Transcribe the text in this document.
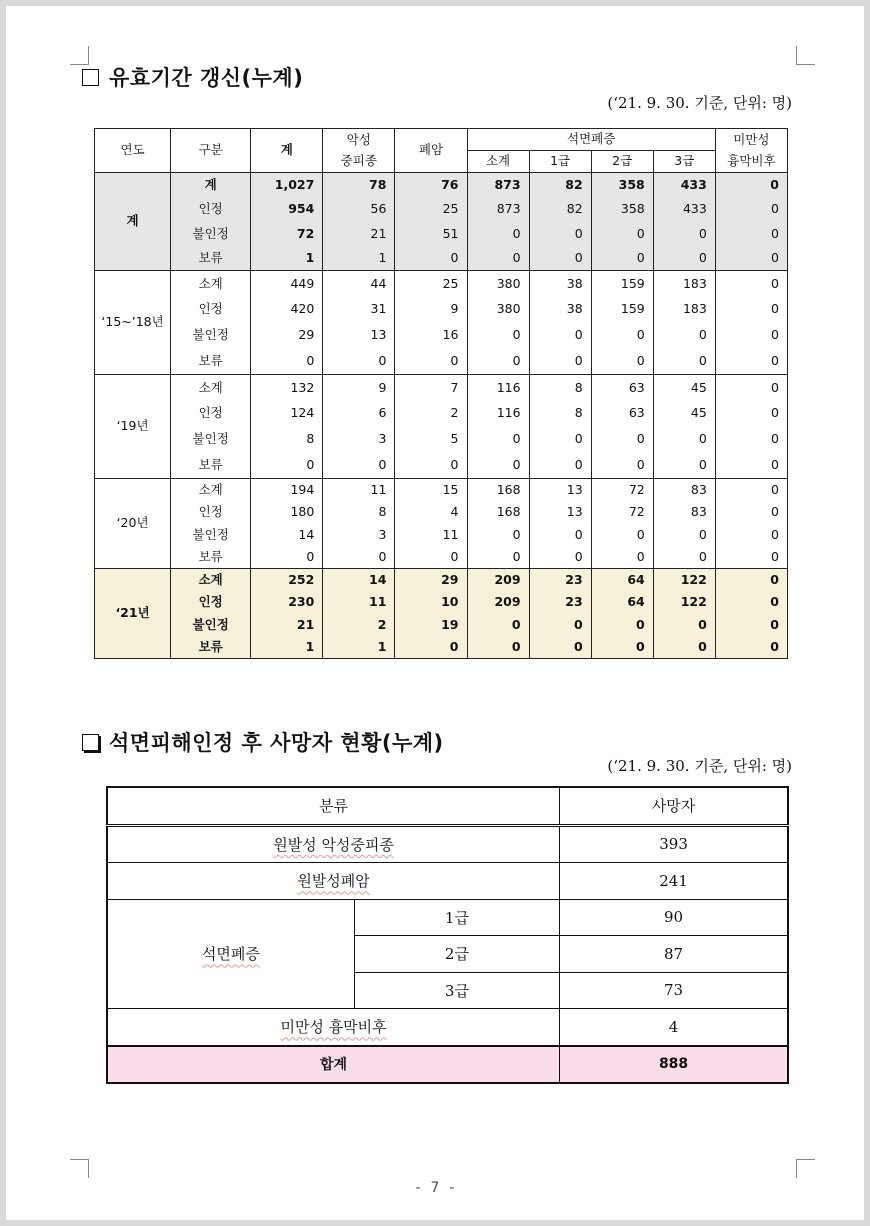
유효기간 갱신(누계)
(‘21. 9. 30. 기준, 단위: 명)
연도	구분	계	악성	폐암	석면폐증				미만성
			중피종		소계	1급	2급	3급	흉막비후
계	계	1,027	78	76	873	82	358	433	0
	인정	954	56	25	873	82	358	433	0
	불인정	72	21	51	0	0	0	0	0
	보류	1	1	0	0	0	0	0	0
‘15~’18년	소계	449	44	25	380	38	159	183	0
	인정	420	31	9	380	38	159	183	0
	불인정	29	13	16	0	0	0	0	0
	보류	0	0	0	0	0	0	0	0
‘19년	소계	132	9	7	116	8	63	45	0
	인정	124	6	2	116	8	63	45	0
	불인정	8	3	5	0	0	0	0	0
	보류	0	0	0	0	0	0	0	0
‘20년	소계	194	11	15	168	13	72	83	0
	인정	180	8	4	168	13	72	83	0
	불인정	14	3	11	0	0	0	0	0
	보류	0	0	0	0	0	0	0	0
‘21년	소계	252	14	29	209	23	64	122	0
	인정	230	11	10	209	23	64	122	0
	불인정	21	2	19	0	0	0	0	0
	보류	1	1	0	0	0	0	0	0
석면피해인정 후 사망자 현황(누계)
(‘21. 9. 30. 기준, 단위: 명)
분류		사망자
원발성 악성중피종		393
원발성폐암		241
석면폐증	1급	90
	2급	87
	3급	73
미만성 흉막비후		4
합계		888
- 7 -
